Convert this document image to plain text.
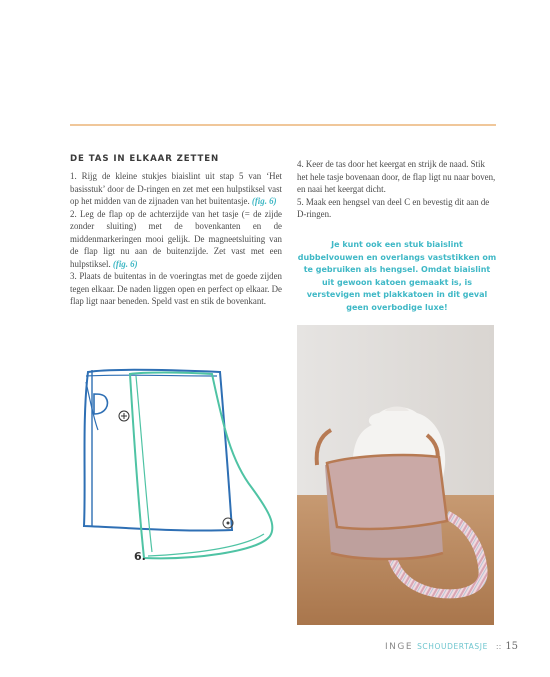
DE TAS IN ELKAAR ZETTEN

1. Rijg de kleine stukjes biaislint uit stap 5 van ‘Het basisstuk’ door de D-ringen en zet met een hulpstiksel vast op het midden van de zijnaden van het buitentasje. (fig. 6)

2. Leg de flap op de achterzijde van het tasje (= de zijde zonder sluiting) met de bovenkanten en de middenmarkeringen mooi gelijk. De magneetsluiting van de flap ligt nu aan de buitenzijde. Zet vast met een hulpstiksel. (fig. 6)

3. Plaats de buitentas in de voeringtas met de goede zijden tegen elkaar. De naden liggen open en perfect op elkaar. De flap ligt naar beneden. Speld vast en stik de bovenkant.

4. Keer de tas door het keergat en strijk de naad. Stik het hele tasje bovenaan door, de flap ligt nu naar boven, en naai het keergat dicht.

5. Maak een hengsel van deel C en bevestig dit aan de D-ringen.

Je kunt ook een stuk biaislint dubbelvouwen en overlangs vaststikken om te gebruiken als hengsel. Omdat biaislint uit gewoon katoen gemaakt is, is verstevigen met plakkatoen in dit geval geen overbodige luxe!
6.
INGE SCHOUDERTASJE :: 15
